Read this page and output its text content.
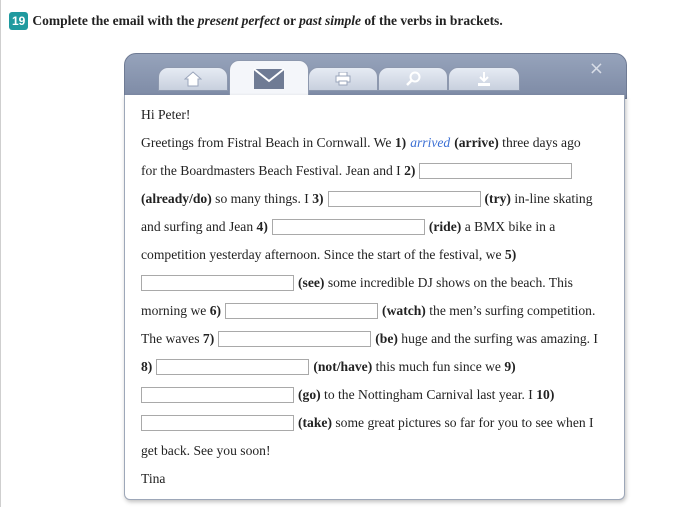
19 Complete the email with the present perfect or past simple of the verbs in brackets.
×
Hi Peter!
Greetings from Fistral Beach in Cornwall. We 1) arrived (arrive) three days ago
for the Boardmasters Beach Festival. Jean and I 2)
(already/do) so many things. I 3)	(try) in-line skating
and surfing and Jean 4)	(ride) a BMX bike in a
competition yesterday afternoon. Since the start of the festival, we 5)
(see) some incredible DJ shows on the beach. This
morning we 6)	(watch) the men’s surfing competition.
The waves 7)	(be) huge and the surfing was amazing. I
8)	(not/have) this much fun since we 9)
(go) to the Nottingham Carnival last year. I 10)
(take) some great pictures so far for you to see when I
get back. See you soon!
Tina
